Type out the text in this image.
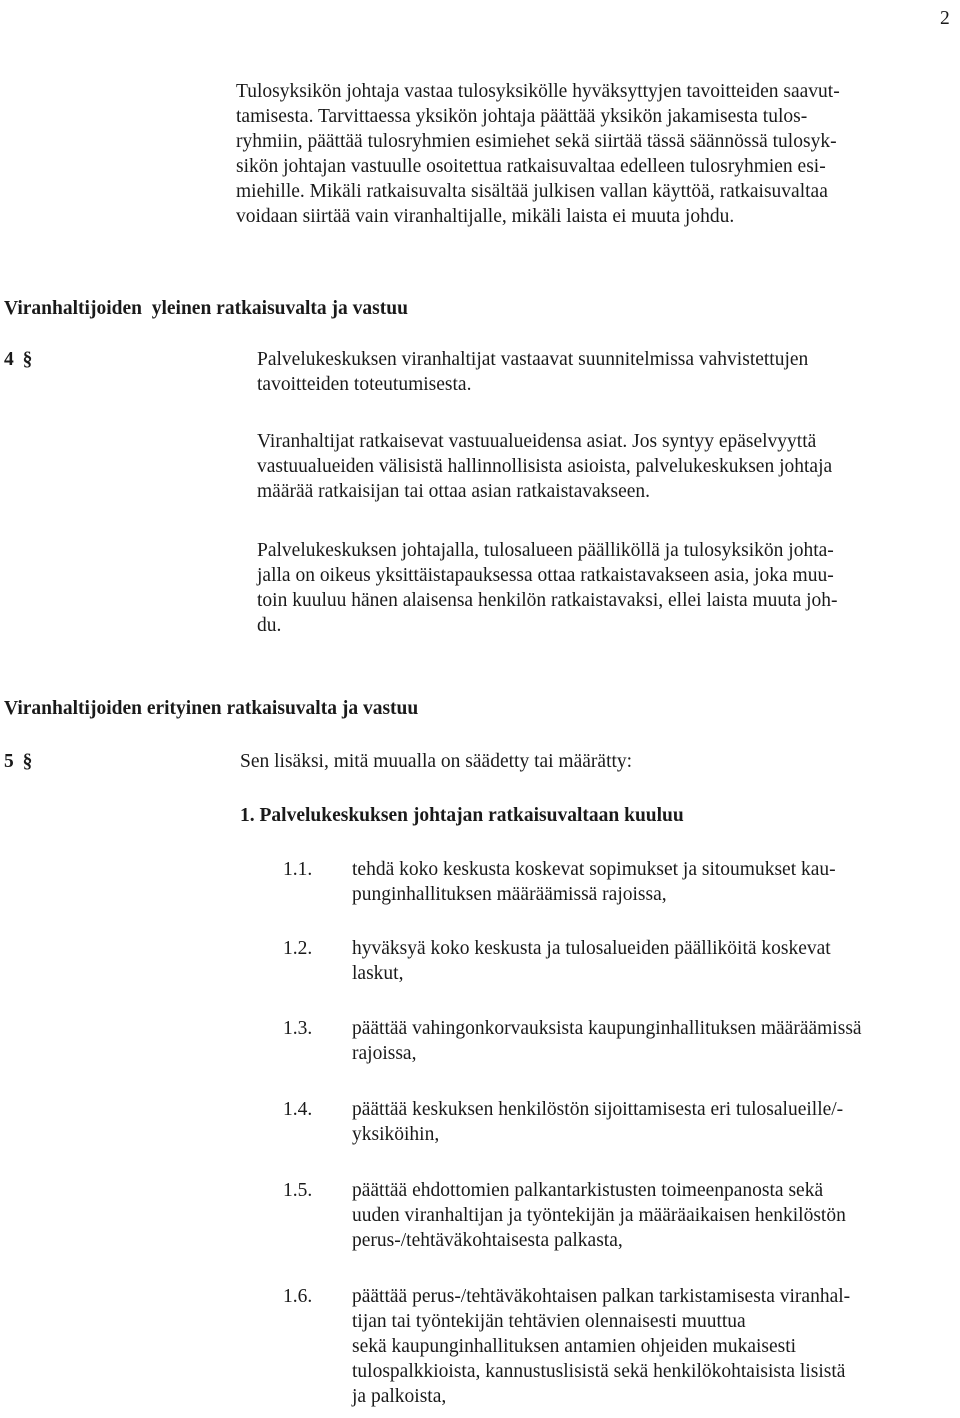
2
Tulosyksikön johtaja vastaa tulosyksikölle hyväksyttyjen tavoitteiden saavut-
tamisesta. Tarvittaessa yksikön johtaja päättää yksikön jakamisesta tulos-
ryhmiin, päättää tulosryhmien esimiehet sekä siirtää tässä säännössä tulosyk-
sikön johtajan vastuulle osoitettua ratkaisuvaltaa edelleen tulosryhmien esi-
miehille. Mikäli ratkaisuvalta sisältää julkisen vallan käyttöä, ratkaisuvaltaa
voidaan siirtää vain viranhaltijalle, mikäli laista ei muuta johdu.
Viranhaltijoiden  yleinen ratkaisuvalta ja vastuu
4 §	Palvelukeskuksen viranhaltijat vastaavat suunnitelmissa vahvistettujen
tavoitteiden toteutumisesta.
Viranhaltijat ratkaisevat vastuualueidensa asiat. Jos syntyy epäselvyyttä
vastuualueiden välisistä hallinnollisista asioista, palvelukeskuksen johtaja
määrää ratkaisijan tai ottaa asian ratkaistavakseen.
Palvelukeskuksen johtajalla, tulosalueen päälliköllä ja tulosyksikön johta-
jalla on oikeus yksittäistapauksessa ottaa ratkaistavakseen asia, joka muu-
toin kuuluu hänen alaisensa henkilön ratkaistavaksi, ellei laista muuta joh-
du.
Viranhaltijoiden erityinen ratkaisuvalta ja vastuu
5 §	Sen lisäksi, mitä muualla on säädetty tai määrätty:
1. Palvelukeskuksen johtajan ratkaisuvaltaan kuuluu
1.1. tehdä koko keskusta koskevat sopimukset ja sitoumukset kau-
punginhallituksen määräämissä rajoissa,
1.2. hyväksyä koko keskusta ja tulosalueiden päälliköitä koskevat
laskut,
1.3. päättää vahingonkorvauksista kaupunginhallituksen määräämissä
rajoissa,
1.4. päättää keskuksen henkilöstön sijoittamisesta eri tulosalueille/-
yksiköihin,
1.5. päättää ehdottomien palkantarkistusten toimeenpanosta sekä
uuden viranhaltijan ja työntekijän ja määräaikaisen henkilöstön
perus-/tehtäväkohtaisesta palkasta,
1.6. päättää perus-/tehtäväkohtaisen palkan tarkistamisesta viranhal-
tijan tai työntekijän tehtävien olennaisesti muuttua
sekä kaupunginhallituksen antamien ohjeiden mukaisesti
tulospalkkioista, kannustuslisistä sekä henkilökohtaisista lisistä
ja palkoista,
